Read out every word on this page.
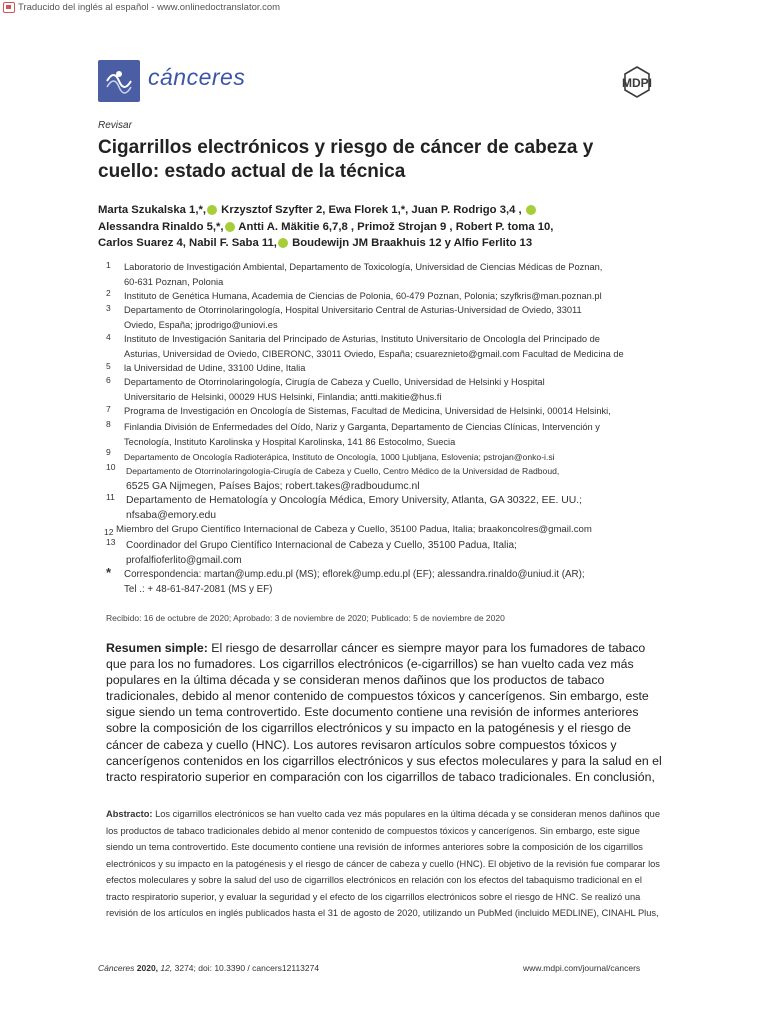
Traducido del inglés al español - www.onlinedoctranslator.com
cánceres	MDPI
Revisar
Cigarrillos electrónicos y riesgo de cáncer de cabeza y cuello: estado actual de la técnica
Marta Szukalska 1,*, Krzysztof Szyfter 2, Ewa Florek 1,*, Juan P. Rodrigo 3,4 ,
Alessandra Rinaldo 5,*, Antti A. Mäkitie 6,7,8 , Primož Strojan 9 , Robert P. toma 10,
Carlos Suarez 4, Nabil F. Saba 11, Boudewijn JM Braakhuis 12 y Alfio Ferlito 13
1 Laboratorio de Investigación Ambiental, Departamento de Toxicología, Universidad de Ciencias Médicas de Poznan,
60-631 Poznan, Polonia
2 Instituto de Genética Humana, Academia de Ciencias de Polonia, 60-479 Poznan, Polonia; szyfkris@man.poznan.pl
3 Departamento de Otorrinolaringología, Hospital Universitario Central de Asturias-Universidad de Oviedo, 33011
Oviedo, España; jprodrigo@uniovi.es
4 Instituto de Investigación Sanitaria del Principado de Asturias, Instituto Universitario de OncologIa del Principado de
Asturias, Universidad de Oviedo, CIBERONC, 33011 Oviedo, España; csuareznieto@gmail.com Facultad de Medicina de
5 la Universidad de Udine, 33100 Udine, Italia
6 Departamento de Otorrinolaringología, Cirugía de Cabeza y Cuello, Universidad de Helsinki y Hospital
Universitario de Helsinki, 00029 HUS Helsinki, Finlandia; antti.makitie@hus.fi
7 Programa de Investigación en Oncología de Sistemas, Facultad de Medicina, Universidad de Helsinki, 00014 Helsinki,
8 Finlandia División de Enfermedades del Oído, Nariz y Garganta, Departamento de Ciencias Clínicas, Intervención y
Tecnología, Instituto Karolinska y Hospital Karolinska, 141 86 Estocolmo, Suecia
9 Departamento de Oncología Radioterápica, Instituto de Oncología, 1000 Ljubljana, Eslovenia; pstrojan@onko-i.si
10 Departamento de Otorrinolaringología-Cirugía de Cabeza y Cuello, Centro Médico de la Universidad de Radboud,
6525 GA Nijmegen, Países Bajos; robert.takes@radboudumc.nl
11 Departamento de Hematología y Oncología Médica, Emory University, Atlanta, GA 30322, EE. UU.;
nfsaba@emory.edu
12 Miembro del Grupo Científico Internacional de Cabeza y Cuello, 35100 Padua, Italia; braakoncolres@gmail.com
13 Coordinador del Grupo Científico Internacional de Cabeza y Cuello, 35100 Padua, Italia;
profalfioferlito@gmail.com
* Correspondencia: martan@ump.edu.pl (MS); eflorek@ump.edu.pl (EF); alessandra.rinaldo@uniud.it (AR);
Tel .: + 48-61-847-2081 (MS y EF)
Recibido: 16 de octubre de 2020; Aprobado: 3 de noviembre de 2020; Publicado: 5 de noviembre de 2020
Resumen simple: El riesgo de desarrollar cáncer es siempre mayor para los fumadores de tabaco que para los no fumadores. Los cigarrillos electrónicos (e-cigarrillos) se han vuelto cada vez más populares en la última década y se consideran menos dañinos que los productos de tabaco tradicionales, debido al menor contenido de compuestos tóxicos y cancerígenos. Sin embargo, este sigue siendo un tema controvertido. Este documento contiene una revisión de informes anteriores sobre la composición de los cigarrillos electrónicos y su impacto en la patogénesis y el riesgo de cáncer de cabeza y cuello (HNC). Los autores revisaron artículos sobre compuestos tóxicos y cancerígenos contenidos en los cigarrillos electrónicos y sus efectos moleculares y para la salud en el tracto respiratorio superior en comparación con los cigarrillos de tabaco tradicionales. En conclusión,
Abstracto: Los cigarrillos electrónicos se han vuelto cada vez más populares en la última década y se consideran menos dañinos que los productos de tabaco tradicionales debido al menor contenido de compuestos tóxicos y cancerígenos. Sin embargo, este sigue siendo un tema controvertido. Este documento contiene una revisión de informes anteriores sobre la composición de los cigarrillos electrónicos y su impacto en la patogénesis y el riesgo de cáncer de cabeza y cuello (HNC). El objetivo de la revisión fue comparar los efectos moleculares y sobre la salud del uso de cigarrillos electrónicos en relación con los efectos del tabaquismo tradicional en el tracto respiratorio superior, y evaluar la seguridad y el efecto de los cigarrillos electrónicos sobre el riesgo de HNC. Se realizó una revisión de los artículos en inglés publicados hasta el 31 de agosto de 2020, utilizando un PubMed (incluido MEDLINE), CINAHL Plus,
Cánceres 2020, 12, 3274; doi: 10.3390 / cancers12113274	www.mdpi.com/journal/cancers
